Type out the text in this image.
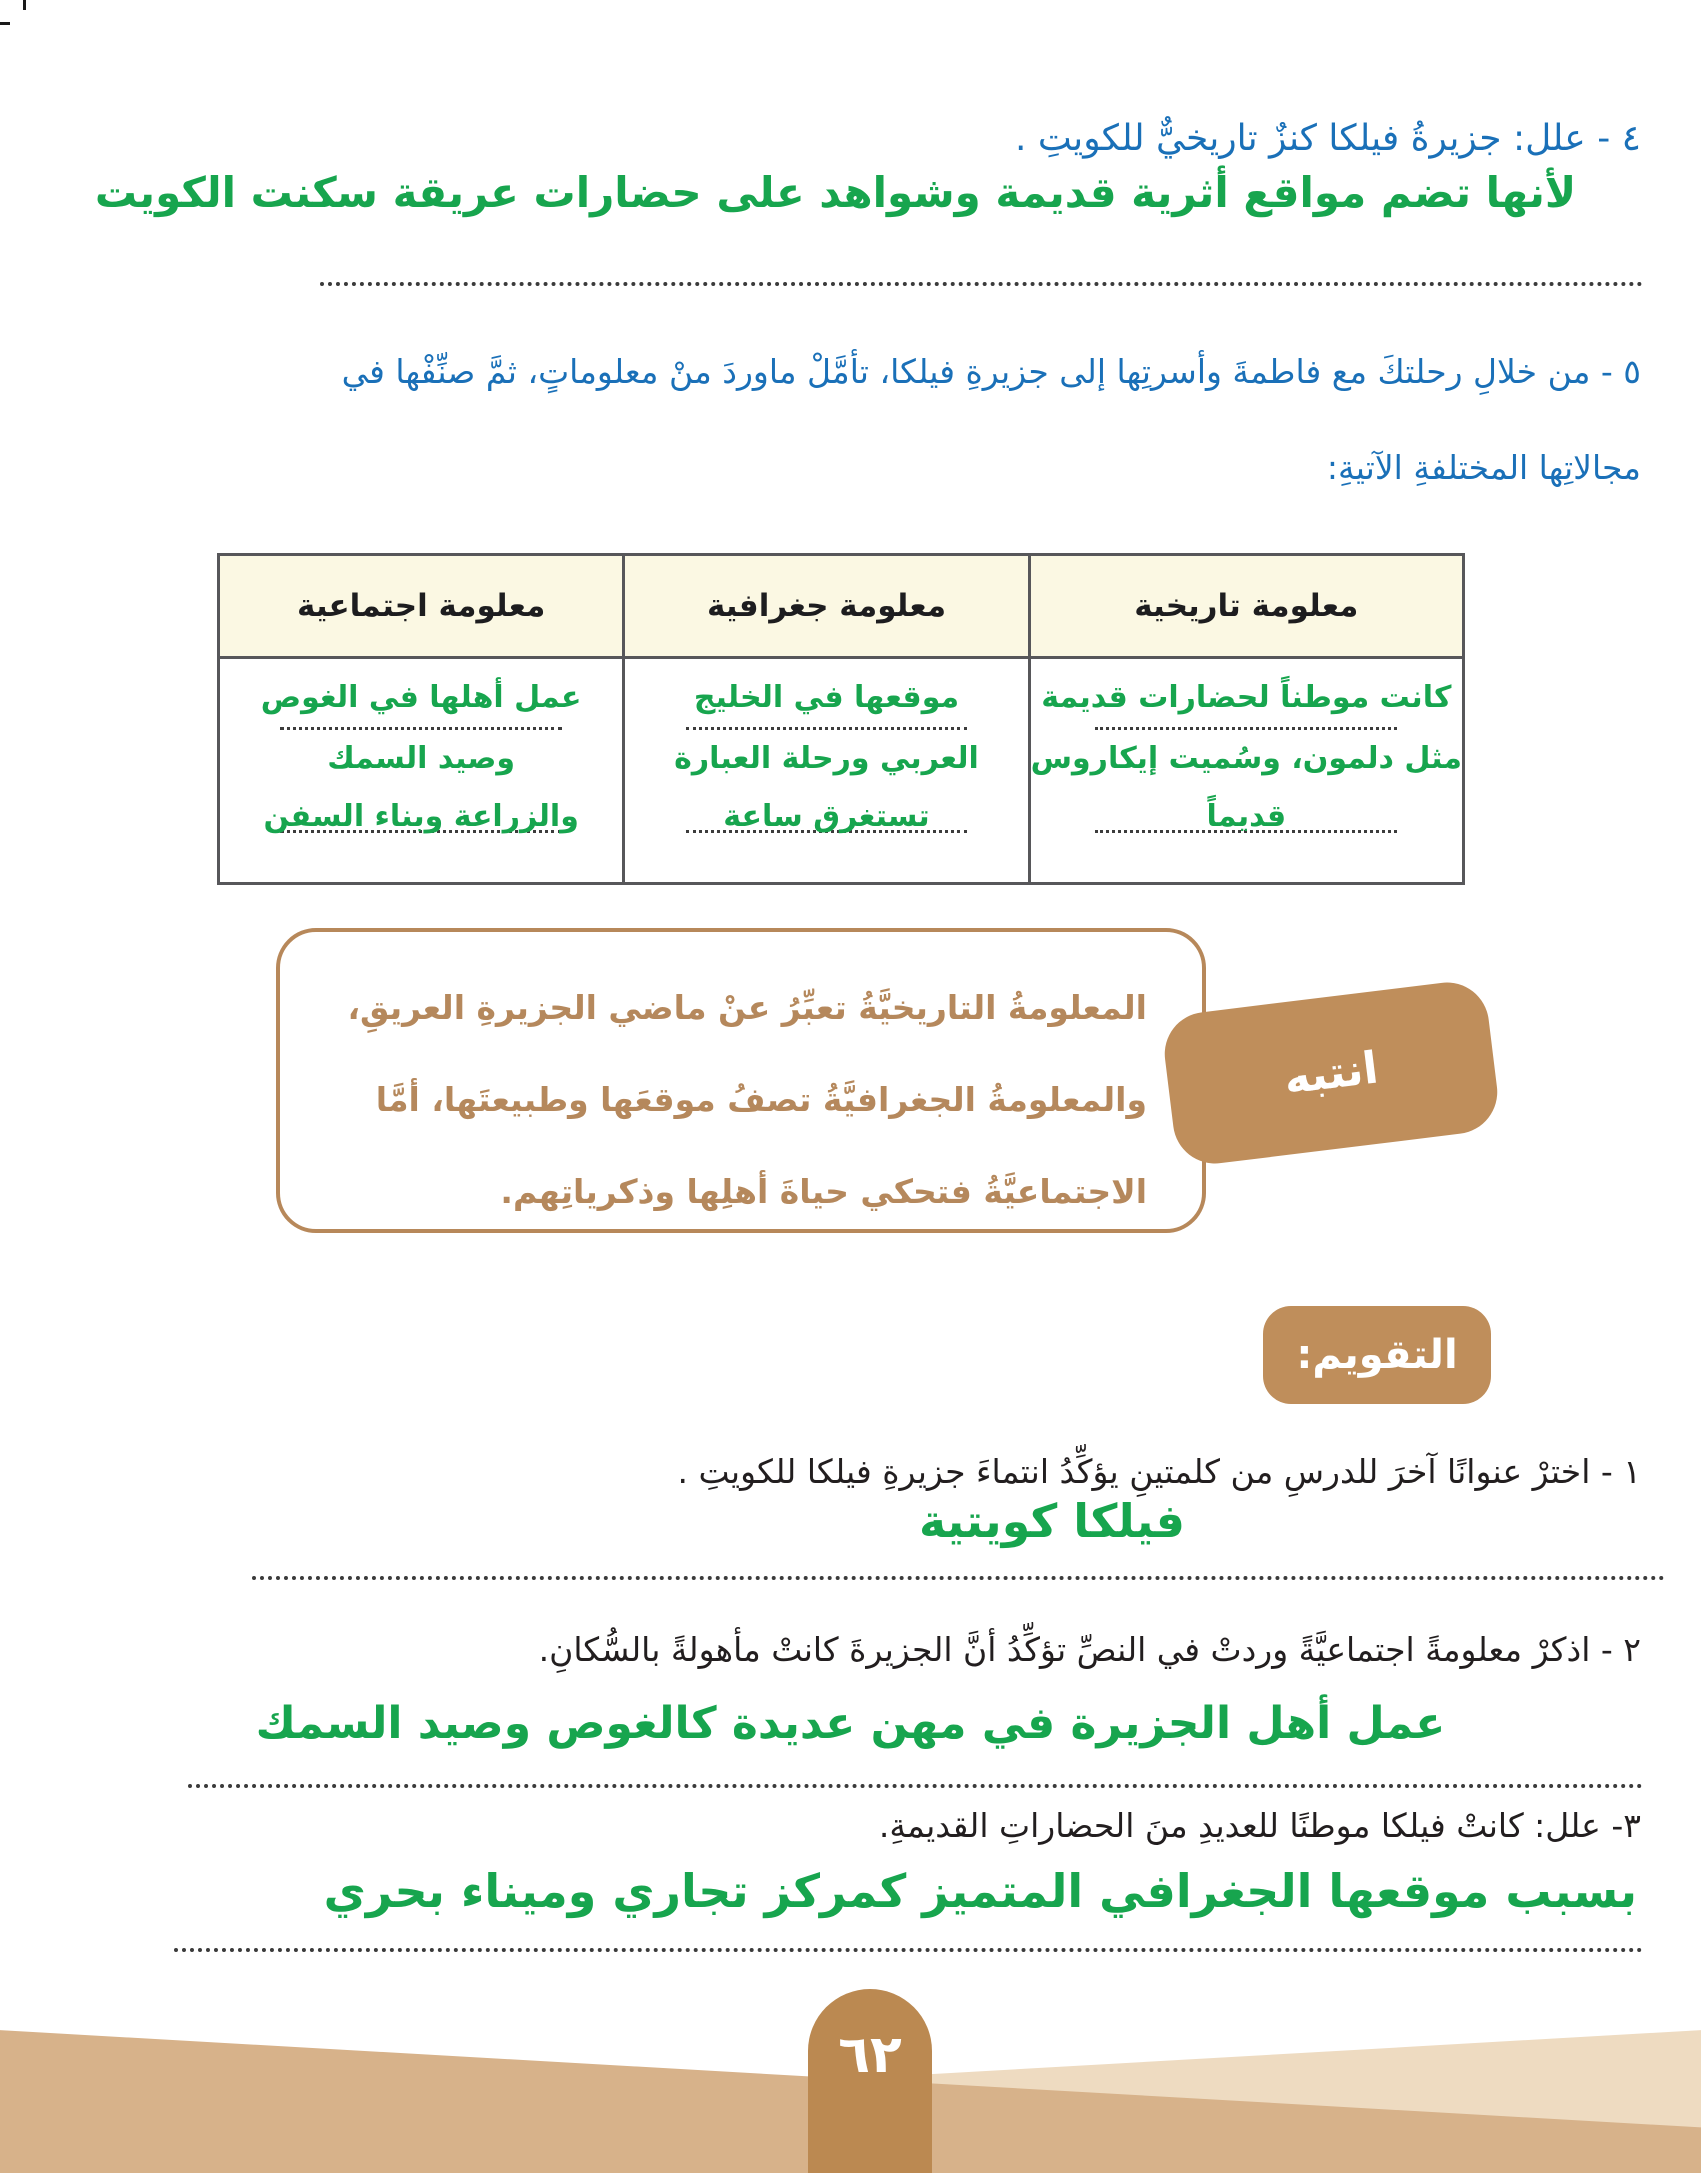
٤ - علل: جزيرةُ فيلكا كنزٌ تاريخيٌّ للكويتِ .
لأنها تضم مواقع أثرية قديمة وشواهد على حضارات عريقة سكنت الكويت
٥ - من خلالِ رحلتكَ مع فاطمةَ وأسرتِها إلى جزيرةِ فيلكا، تأمَّلْ ماوردَ منْ معلوماتٍ، ثمَّ صنِّفْها في
مجالاتِها المختلفةِ الآتيةِ:
معلومة تاريخية
كانت موطناً لحضارات قديمة
مثل دلمون، وسُميت إيكاروس
قديماً
معلومة جغرافية
موقعها في الخليج
العربي ورحلة العبارة
تستغرق ساعة
معلومة اجتماعية
عمل أهلها في الغوص
وصيد السمك
والزراعة وبناء السفن
المعلومةُ التاريخيَّةُ تعبِّرُ عنْ ماضي الجزيرةِ العريقِ،
والمعلومةُ الجغرافيَّةُ تصفُ موقعَها وطبيعتَها، أمَّا
الاجتماعيَّةُ فتحكي حياةَ أهلِها وذكرياتِهم.
انتبه
التقويم:
١ - اخترْ عنوانًا آخرَ للدرسِ من كلمتينِ يؤكِّدُ انتماءَ جزيرةِ فيلكا للكويتِ .
فيلكا كويتية
٢ - اذكرْ معلومةً اجتماعيَّةً وردتْ في النصِّ تؤكِّدُ أنَّ الجزيرةَ كانتْ مأهولةً بالسُّكانِ.
عمل أهل الجزيرة في مهن عديدة كالغوص وصيد السمك
٣- علل: كانتْ فيلكا موطنًا للعديدِ منَ الحضاراتِ القديمةِ.
بسبب موقعها الجغرافي المتميز كمركز تجاري وميناء بحري
٦٢
